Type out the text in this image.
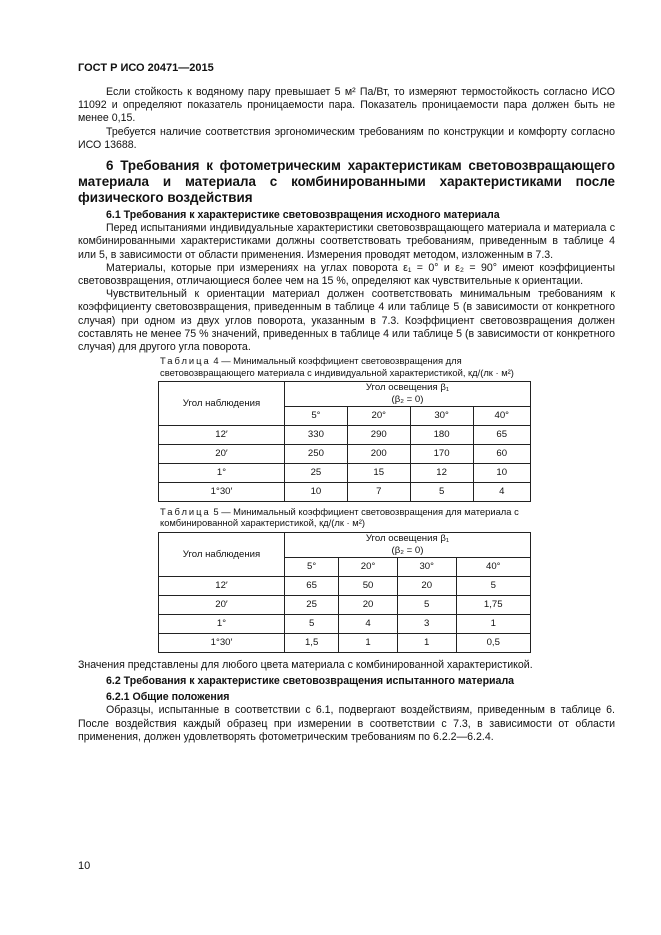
ГОСТ Р ИСО 20471—2015

Если стойкость к водяному пару превышает 5 м² Па/Вт, то измеряют термостойкость согласно ИСО 11092 и определяют показатель проницаемости пара. Показатель проницаемости пара должен быть не менее 0,15.

Требуется наличие соответствия эргономическим требованиям по конструкции и комфорту согласно ИСО 13688.

6 Требования к фотометрическим характеристикам световозвращающего материала и материала с комбинированными характеристиками после физического воздействия
6.1 Требования к характеристике световозвращения исходного материала

Перед испытаниями индивидуальные характеристики световозвращающего материала и материала с комбинированными характеристиками должны соответствовать требованиям, приведенным в таблице 4 или 5, в зависимости от области применения. Измерения проводят методом, изложенным в 7.3.

Материалы, которые при измерениях на углах поворота ε₁ = 0° и ε₂ = 90° имеют коэффициенты световозвращения, отличающиеся более чем на 15 %, определяют как чувствительные к ориентации.

Чувствительный к ориентации материал должен соответствовать минимальным требованиям к коэффициенту световозвращения, приведенным в таблице 4 или таблице 5 (в зависимости от конкретного случая) при одном из двух углов поворота, указанным в 7.3. Коэффициент световозвращения должен составлять не менее 75 % значений, приведенных в таблице 4 или таблице 5 (в зависимости от конкретного случая) для другого угла поворота.

Таблица 4 — Минимальный коэффициент световозвращения для световозвращающего материала с индивидуальной характеристикой, кд/(лк · м²)
Угол наблюдения	Угол освещения β₁
(β₂ = 0)			

	5°	20°	30°	40°
12′	330	290	180	65
20′	250	200	170	60
1°	25	15	12	10
1°30′	10	7	5	4
Таблица 5 — Минимальный коэффициент световозвращения для материала с комбинированной характеристикой, кд/(лк · м²)
Угол наблюдения	Угол освещения β₁
(β₂ = 0)			

	5°	20°	30°	40°
12′	65	50	20	5
20′	25	20	5	1,75
1°	5	4	3	1
1°30′	1,5	1	1	0,5

Значения представлены для любого цвета материала с комбинированной характеристикой.

6.2 Требования к характеристике световозвращения испытанного материала
6.2.1 Общие положения

Образцы, испытанные в соответствии с 6.1, подвергают воздействиям, приведенным в таблице 6. После воздействия каждый образец при измерении в соответствии с 7.3, в зависимости от области применения, должен удовлетворять фотометрическим требованиям по 6.2.2—6.2.4.

10
